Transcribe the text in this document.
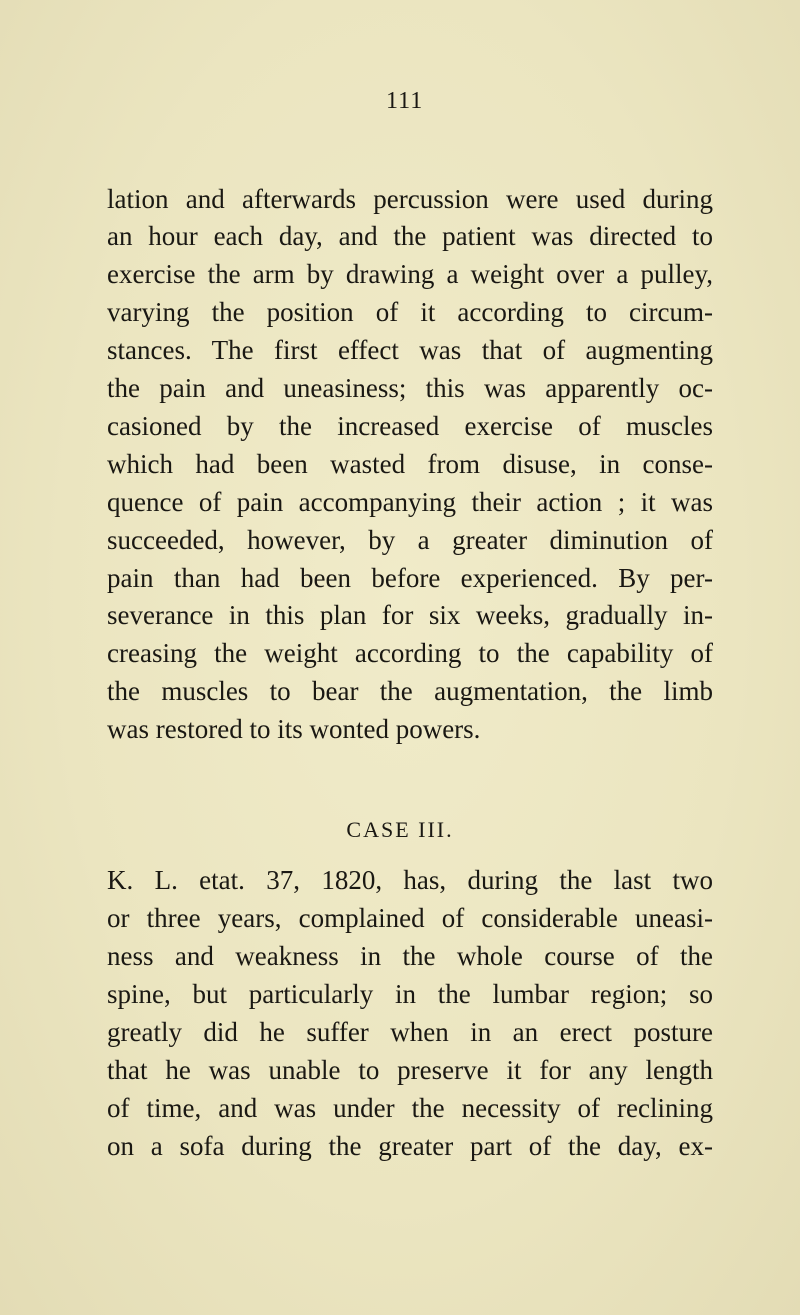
111
lation and afterwards percussion were used during
an hour each day, and the patient was directed to
exercise the arm by drawing a weight over a pulley,
varying the position of it according to circum-
stances. The first effect was that of augmenting
the pain and uneasiness; this was apparently oc-
casioned by the increased exercise of muscles
which had been wasted from disuse, in conse-
quence of pain accompanying their action ; it was
succeeded, however, by a greater diminution of
pain than had been before experienced. By per-
severance in this plan for six weeks, gradually in-
creasing the weight according to the capability of
the muscles to bear the augmentation, the limb
was restored to its wonted powers.
CASE III.
K. L. etat. 37, 1820, has, during the last two
or three years, complained of considerable uneasi-
ness and weakness in the whole course of the
spine, but particularly in the lumbar region; so
greatly did he suffer when in an erect posture
that he was unable to preserve it for any length
of time, and was under the necessity of reclining
on a sofa during the greater part of the day, ex-
